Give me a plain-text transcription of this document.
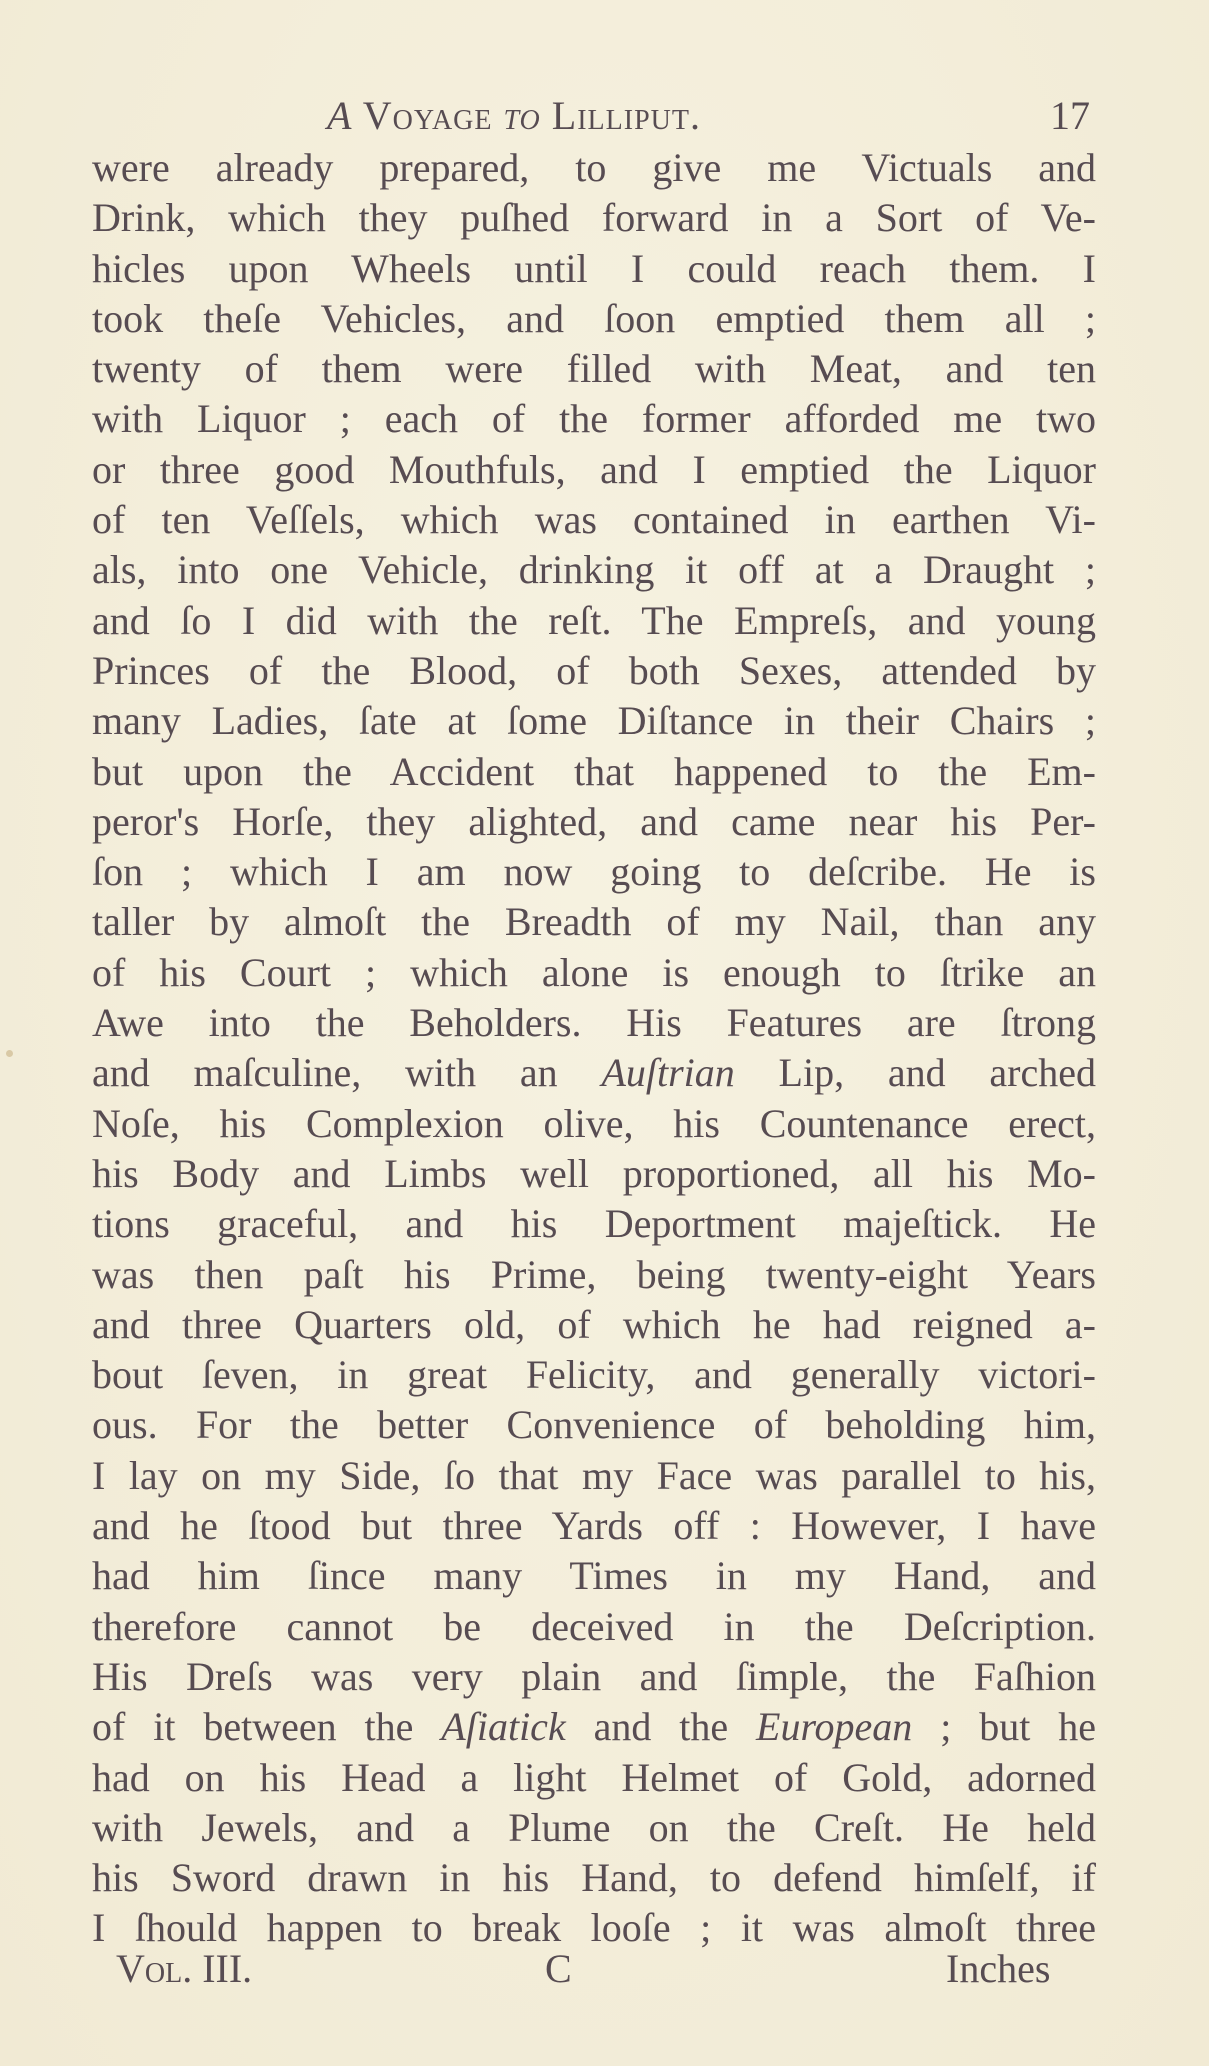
A Voyage to Lilliput.	17
were already prepared, to give me Victuals and
Drink, which they puſhed forward in a Sort of Ve-
hicles upon Wheels until I could reach them. I
took theſe Vehicles, and ſoon emptied them all ;
twenty of them were filled with Meat, and ten
with Liquor ; each of the former afforded me two
or three good Mouthfuls, and I emptied the Liquor
of ten Veſſels, which was contained in earthen Vi-
als, into one Vehicle, drinking it off at a Draught ;
and ſo I did with the reſt. The Empreſs, and young
Princes of the Blood, of both Sexes, attended by
many Ladies, ſate at ſome Diſtance in their Chairs ;
but upon the Accident that happened to the Em-
peror's Horſe, they alighted, and came near his Per-
ſon ; which I am now going to deſcribe. He is
taller by almoſt the Breadth of my Nail, than any
of his Court ; which alone is enough to ſtrike an
Awe into the Beholders. His Features are ſtrong
and maſculine, with an Auſtrian Lip, and arched
Noſe, his Complexion olive, his Countenance erect,
his Body and Limbs well proportioned, all his Mo-
tions graceful, and his Deportment majeſtick. He
was then paſt his Prime, being twenty-eight Years
and three Quarters old, of which he had reigned a-
bout ſeven, in great Felicity, and generally victori-
ous. For the better Convenience of beholding him,
I lay on my Side, ſo that my Face was parallel to his,
and he ſtood but three Yards off : However, I have
had him ſince many Times in my Hand, and
therefore cannot be deceived in the Deſcription.
His Dreſs was very plain and ſimple, the Faſhion
of it between the Aſiatick and the European ; but he
had on his Head a light Helmet of Gold, adorned
with Jewels, and a Plume on the Creſt. He held
his Sword drawn in his Hand, to defend himſelf, if
I ſhould happen to break looſe ; it was almoſt three
Vol. III.	C	Inches
